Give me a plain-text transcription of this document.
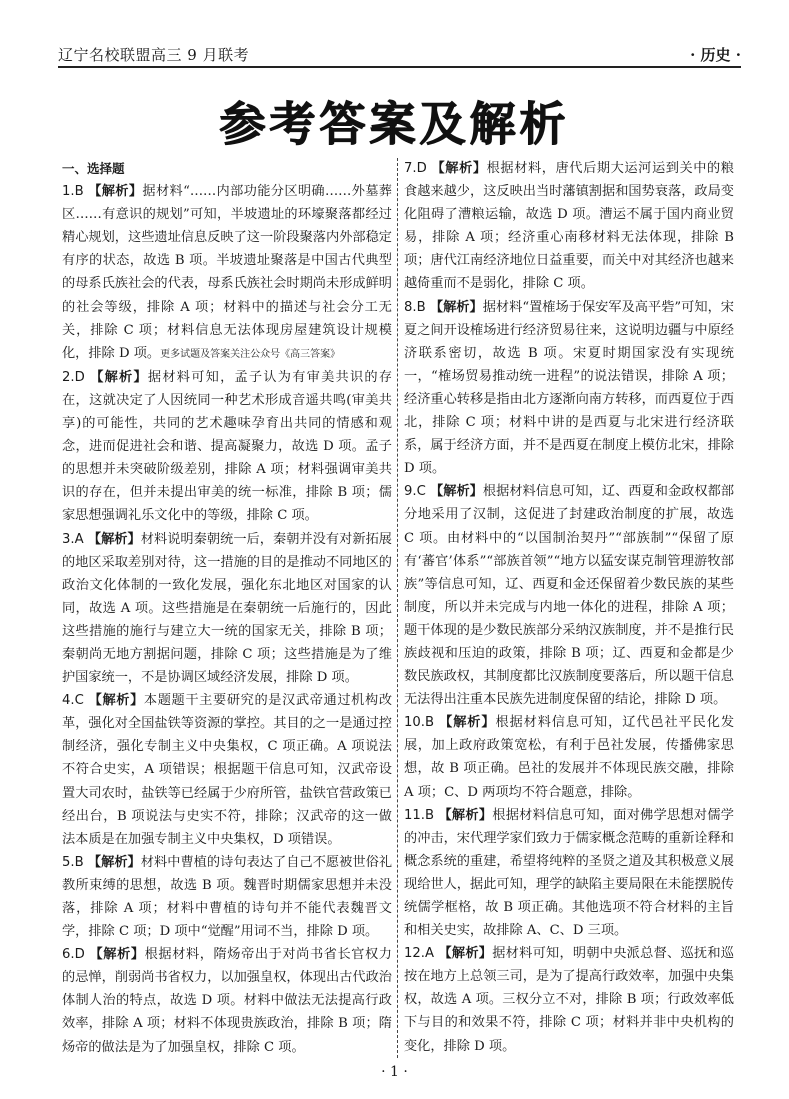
辽宁名校联盟高三 9 月联考	· 历史 ·
参考答案及解析
一、选择题

1.B 【解析】据材料“……内部功能分区明确……外墓葬区……有意识的规划”可知，半坡遗址的环壕聚落都经过精心规划，这些遗址信息反映了这一阶段聚落内外部稳定有序的状态，故选 B 项。半坡遗址聚落是中国古代典型的母系氏族社会的代表，母系氏族社会时期尚未形成鲜明的社会等级，排除 A 项；材料中的描述与社会分工无关，排除 C 项；材料信息无法体现房屋建筑设计规模化，排除 D 项。更多试题及答案关注公众号《高三答案》

2.D 【解析】据材料可知，孟子认为有审美共识的存在，这就决定了人因统同一种艺术形成音遥共鸣(审美共享)的可能性，共同的艺术趣味孕育出共同的情感和观念，进而促进社会和谐、提高凝聚力，故选 D 项。孟子的思想并未突破阶级差别，排除 A 项；材料强调审美共识的存在，但并未提出审美的统一标准，排除 B 项；儒家思想强调礼乐文化中的等级，排除 C 项。

3.A 【解析】材料说明秦朝统一后，秦朝并没有对新拓展的地区采取差别对待，这一措施的目的是推动不同地区的政治文化体制的一致化发展，强化东北地区对国家的认同，故选 A 项。这些措施是在秦朝统一后施行的，因此这些措施的施行与建立大一统的国家无关，排除 B 项；秦朝尚无地方割据问题，排除 C 项；这些措施是为了维护国家统一，不是协调区域经济发展，排除 D 项。

4.C 【解析】本题题干主要研究的是汉武帝通过机构改革，强化对全国盐铁等资源的掌控。其目的之一是通过控制经济，强化专制主义中央集权，C 项正确。A 项说法不符合史实，A 项错误；根据题干信息可知，汉武帝设置大司农时，盐铁等已经属于少府所管，盐铁官营政策已经出台，B 项说法与史实不符，排除；汉武帝的这一做法本质是在加强专制主义中央集权，D 项错误。

5.B 【解析】材料中曹植的诗句表达了自己不愿被世俗礼教所束缚的思想，故选 B 项。魏晋时期儒家思想并未没落，排除 A 项；材料中曹植的诗句并不能代表魏晋文学，排除 C 项；D 项中“觉醒”用词不当，排除 D 项。

6.D 【解析】根据材料，隋炀帝出于对尚书省长官权力的忌惮，削弱尚书省权力，以加强皇权，体现出古代政治体制人治的特点，故选 D 项。材料中做法无法提高行政效率，排除 A 项；材料不体现贵族政治，排除 B 项；隋炀帝的做法是为了加强皇权，排除 C 项。

7.D 【解析】根据材料，唐代后期大运河运到关中的粮食越来越少，这反映出当时藩镇割据和国势衰落，政局变化阻碍了漕粮运输，故选 D 项。漕运不属于国内商业贸易，排除 A 项；经济重心南移材料无法体现，排除 B 项；唐代江南经济地位日益重要，而关中对其经济也越来越倚重而不是弱化，排除 C 项。

8.B 【解析】据材料“置榷场于保安军及高平砦”可知，宋夏之间开设榷场进行经济贸易往来，这说明边疆与中原经济联系密切，故选 B 项。宋夏时期国家没有实现统一，“榷场贸易推动统一进程”的说法错误，排除 A 项；经济重心转移是指由北方逐渐向南方转移，而西夏位于西北，排除 C 项；材料中讲的是西夏与北宋进行经济联系，属于经济方面，并不是西夏在制度上模仿北宋，排除 D 项。

9.C 【解析】根据材料信息可知，辽、西夏和金政权都部分地采用了汉制，这促进了封建政治制度的扩展，故选 C 项。由材料中的“以国制治契丹”“部族制”“保留了原有‘蕃官’体系”“部族首领”“地方以猛安谋克制管理游牧部族”等信息可知，辽、西夏和金还保留着少数民族的某些制度，所以并未完成与内地一体化的进程，排除 A 项；题干体现的是少数民族部分采纳汉族制度，并不是推行民族歧视和压迫的政策，排除 B 项；辽、西夏和金都是少数民族政权，其制度都比汉族制度要落后，所以题干信息无法得出注重本民族先进制度保留的结论，排除 D 项。

10.B 【解析】根据材料信息可知，辽代邑社平民化发展，加上政府政策宽松，有利于邑社发展，传播佛家思想，故 B 项正确。邑社的发展并不体现民族交融，排除 A 项；C、D 两项均不符合题意，排除。

11.B 【解析】根据材料信息可知，面对佛学思想对儒学的冲击，宋代理学家们致力于儒家概念范畴的重新诠释和概念系统的重建，希望将纯粹的圣贤之道及其积极意义展现给世人，据此可知，理学的缺陷主要局限在未能摆脱传统儒学框格，故 B 项正确。其他选项不符合材料的主旨和相关史实，故排除 A、C、D 三项。

12.A 【解析】据材料可知，明朝中央派总督、巡抚和巡按在地方上总领三司，是为了提高行政效率，加强中央集权，故选 A 项。三权分立不对，排除 B 项；行政效率低下与目的和效果不符，排除 C 项；材料并非中央机构的变化，排除 D 项。

· 1 ·
